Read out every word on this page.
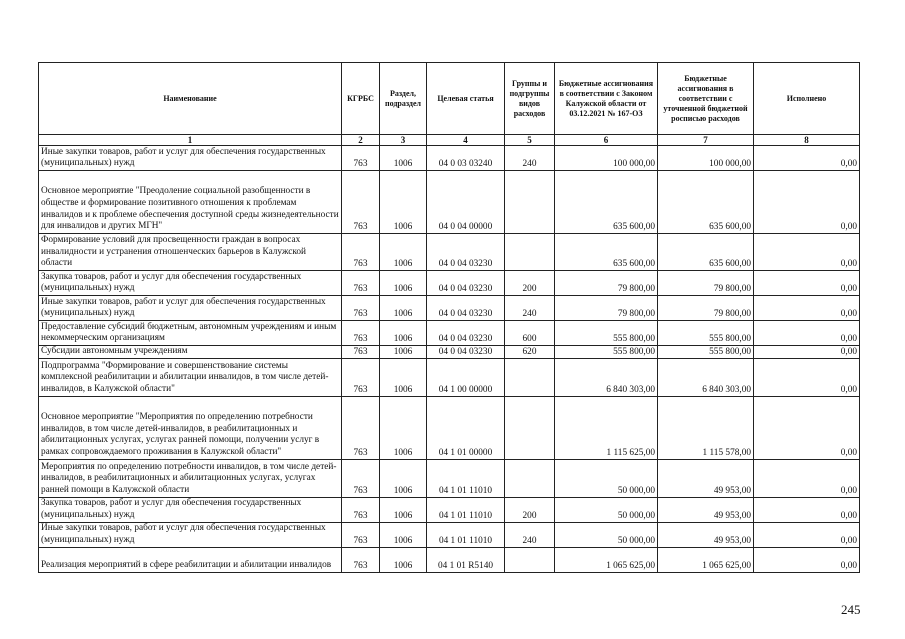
Наименование	КГРБС	Раздел, подраздел	Целевая статья	Группы и подгруппы видов расходов	Бюджетные ассигнования в соответствии с Законом Калужской области от 03.12.2021 № 167-ОЗ	Бюджетные ассигнования в соответствии с уточненной бюджетной росписью расходов	Исполнено
1	2	3	4	5	6	7	8
Иные закупки товаров, работ и услуг для обеспечения государственных (муниципальных) нужд	763	1006	04 0 03 03240	240	100 000,00	100 000,00	0,00
Основное мероприятие "Преодоление социальной разобщенности в обществе и формирование позитивного отношения к проблемам инвалидов и к проблеме обеспечения доступной среды жизнедеятельности для инвалидов и других МГН"	763	1006	04 0 04 00000		635 600,00	635 600,00	0,00
Формирование условий для просвещенности граждан в вопросах инвалидности и устранения отношенческих барьеров в Калужской области	763	1006	04 0 04 03230		635 600,00	635 600,00	0,00
Закупка товаров, работ и услуг для обеспечения государственных (муниципальных) нужд	763	1006	04 0 04 03230	200	79 800,00	79 800,00	0,00
Иные закупки товаров, работ и услуг для обеспечения государственных (муниципальных) нужд	763	1006	04 0 04 03230	240	79 800,00	79 800,00	0,00
Предоставление субсидий бюджетным, автономным учреждениям и иным некоммерческим организациям	763	1006	04 0 04 03230	600	555 800,00	555 800,00	0,00
Субсидии автономным учреждениям	763	1006	04 0 04 03230	620	555 800,00	555 800,00	0,00
Подпрограмма "Формирование и совершенствование системы комплексной реабилитации и абилитации инвалидов, в том числе детей-инвалидов, в Калужской области"	763	1006	04 1 00 00000		6 840 303,00	6 840 303,00	0,00
Основное мероприятие "Мероприятия по определению потребности инвалидов, в том числе детей-инвалидов, в реабилитационных и абилитационных услугах, услугах ранней помощи, получении услуг в рамках сопровождаемого проживания в Калужской области"	763	1006	04 1 01 00000		1 115 625,00	1 115 578,00	0,00
Мероприятия по определению потребности инвалидов, в том числе детей-инвалидов, в реабилитационных и абилитационных услугах, услугах ранней помощи в Калужской области	763	1006	04 1 01 11010		50 000,00	49 953,00	0,00
Закупка товаров, работ и услуг для обеспечения государственных (муниципальных) нужд	763	1006	04 1 01 11010	200	50 000,00	49 953,00	0,00
Иные закупки товаров, работ и услуг для обеспечения государственных (муниципальных) нужд	763	1006	04 1 01 11010	240	50 000,00	49 953,00	0,00
Реализация мероприятий в сфере реабилитации и абилитации инвалидов	763	1006	04 1 01 R5140		1 065 625,00	1 065 625,00	0,00
245
